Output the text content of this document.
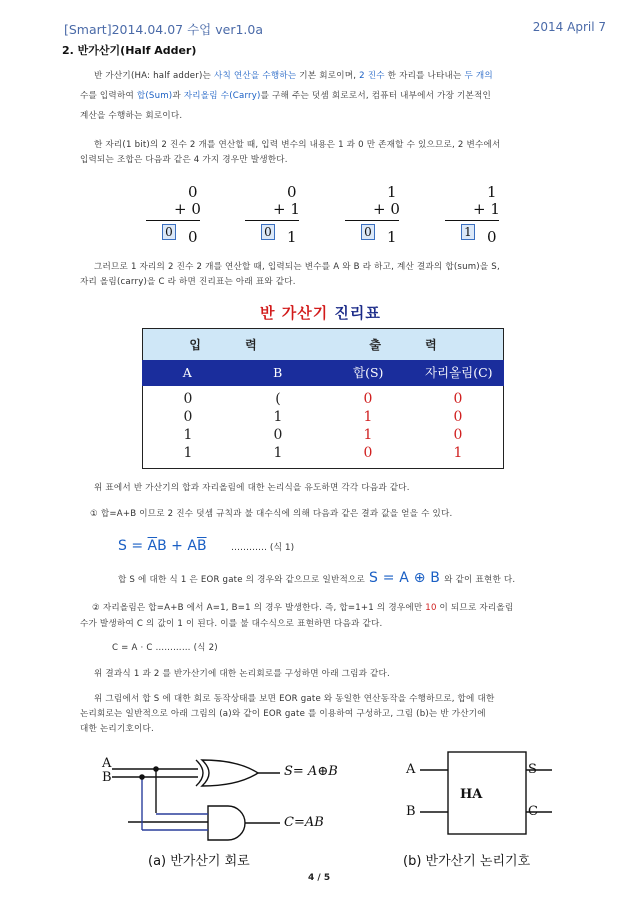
[Smart]2014.04.07 수업 ver1.0a	2014 April 7
2. 반가산기(Half Adder)
반 가산기(HA: half adder)는 사칙 연산을 수행하는 기본 회로이며, 2 진수 한 자리를 나타내는 두 개의
수를 입력하여 합(Sum)과 자리올림 수(Carry)를 구해 주는 덧셈 회로로서, 컴퓨터 내부에서 가장 기본적인
계산을 수행하는 회로이다.
한 자리(1 bit)의 2 진수 2 개를 연산할 때, 입력 변수의 내용은 1 과 0 만 존재할 수 있으므로, 2 변수에서
입력되는 조합은 다음과 같은 4 가지 경우만 발생한다.
0
+ 0
0 0
0
+ 1
0 1
1
+ 0
0 1
1
+ 1
1 0
그러므로 1 자리의 2 진수 2 개를 연산할 때, 입력되는 변수를 A 와 B 라 하고, 계산 결과의 합(sum)을 S,
자리 올림(carry)을 C 라 하면 진리표는 아래 표와 같다.
반 가산기 진리표
입 력	출 력
A	B	합(S)	자리올림(C)
0	(	0	0
0	1	1	0
1	0	1	0
1	1	0	1
위 표에서 반 가산기의 합과 자리올림에 대한 논리식을 유도하면 각각 다음과 같다.
① 합=A+B 이므로 2 진수 덧셈 규칙과 불 대수식에 의해 다음과 같은 결과 값을 얻을 수 있다.
$S = \overline{A}B + A\overline{B}$	………… (식 1)
합 S 에 대한 식 1 은 EOR gate 의 경우와 같으므로 일반적으로 S = A ⊕ B 와 같이 표현한 다.
② 자리올림은 합=A+B 에서 A=1, B=1 의 경우 발생한다. 즉, 합=1+1 의 경우에만 10 이 되므로 자리올림
수가 발생하여 C 의 값이 1 이 된다. 이를 불 대수식으로 표현하면 다음과 같다.
C = A · C ………… (식 2)
위 결과식 1 과 2 를 반가산기에 대한 논리회로를 구성하면 아래 그림과 같다.
위 그림에서 합 S 에 대한 회로 동작상태를 보면 EOR gate 와 동일한 연산동작을 수행하므로, 합에 대한
논리회로는 일반적으로 아래 그림의 (a)와 같이 EOR gate 를 이용하여 구성하고, 그림 (b)는 반 가산기에
대한 논리기호이다.
A
B	S= A⊕B
C=AB
(a) 반가산기 회로
A
B
HA
S
C
(b) 반가산기 논리기호
4 / 5
